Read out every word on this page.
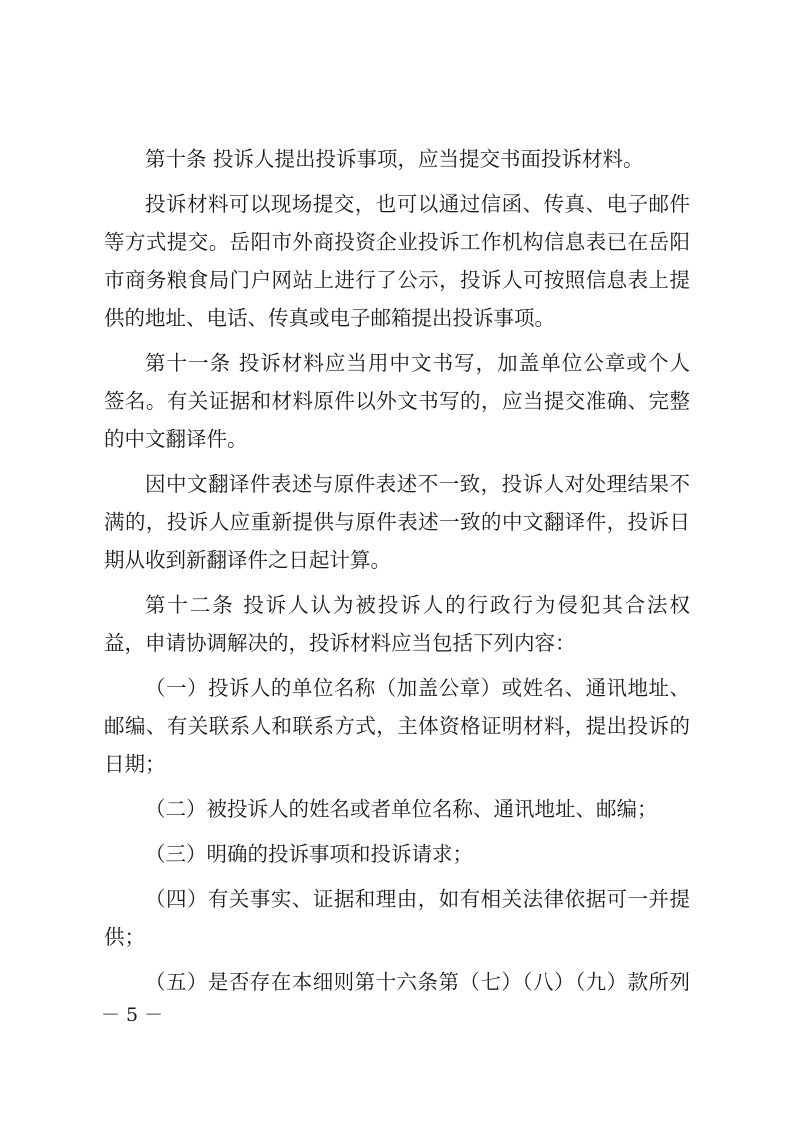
第十条 投诉人提出投诉事项，应当提交书面投诉材料。
投诉材料可以现场提交，也可以通过信函、传真、电子邮件
等方式提交。岳阳市外商投资企业投诉工作机构信息表已在岳阳
市商务粮食局门户网站上进行了公示，投诉人可按照信息表上提
供的地址、电话、传真或电子邮箱提出投诉事项。
第十一条 投诉材料应当用中文书写，加盖单位公章或个人
签名。有关证据和材料原件以外文书写的，应当提交准确、完整
的中文翻译件。
因中文翻译件表述与原件表述不一致，投诉人对处理结果不
满的，投诉人应重新提供与原件表述一致的中文翻译件，投诉日
期从收到新翻译件之日起计算。
第十二条 投诉人认为被投诉人的行政行为侵犯其合法权
益，申请协调解决的，投诉材料应当包括下列内容：
（一）投诉人的单位名称（加盖公章）或姓名、通讯地址、
邮编、有关联系人和联系方式，主体资格证明材料，提出投诉的
日期；
（二）被投诉人的姓名或者单位名称、通讯地址、邮编；
（三）明确的投诉事项和投诉请求；
（四）有关事实、证据和理由，如有相关法律依据可一并提
供；
（五）是否存在本细则第十六条第（七）（八）（九）款所列
－ 5 －
